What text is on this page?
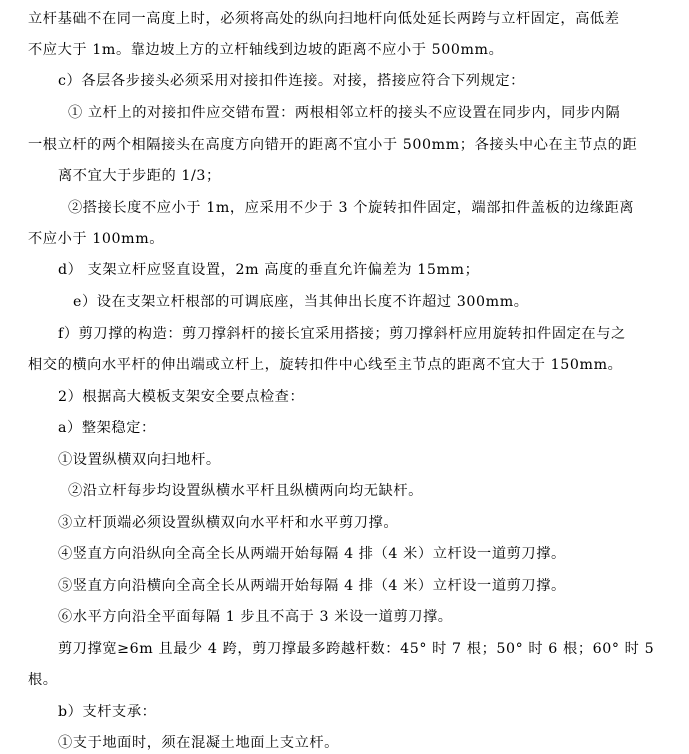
立杆基础不在同一高度上时，必须将高处的纵向扫地杆向低处延长两跨与立杆固定，高低差
不应大于 1m。靠边坡上方的立杆轴线到边坡的距离不应小于 500mm。
c）各层各步接头必须采用对接扣件连接。对接，搭接应符合下列规定：
① 立杆上的对接扣件应交错布置：两根相邻立杆的接头不应设置在同步内，同步内隔
一根立杆的两个相隔接头在高度方向错开的距离不宜小于 500mm；各接头中心在主节点的距
离不宜大于步距的 1/3；
②搭接长度不应小于 1m，应采用不少于 3 个旋转扣件固定，端部扣件盖板的边缘距离
不应小于 100mm。
d） 支架立杆应竖直设置，2m 高度的垂直允许偏差为 15mm；
e）设在支架立杆根部的可调底座，当其伸出长度不许超过 300mm。
f）剪刀撑的构造：剪刀撑斜杆的接长宜采用搭接；剪刀撑斜杆应用旋转扣件固定在与之
相交的横向水平杆的伸出端或立杆上，旋转扣件中心线至主节点的距离不宜大于 150mm。
2）根据高大模板支架安全要点检查：
a）整架稳定：
①设置纵横双向扫地杆。
②沿立杆每步均设置纵横水平杆且纵横两向均无缺杆。
③立杆顶端必须设置纵横双向水平杆和水平剪刀撑。
④竖直方向沿纵向全高全长从两端开始每隔 4 排（4 米）立杆设一道剪刀撑。
⑤竖直方向沿横向全高全长从两端开始每隔 4 排（4 米）立杆设一道剪刀撑。
⑥水平方向沿全平面每隔 1 步且不高于 3 米设一道剪刀撑。
剪刀撑宽≥6m 且最少 4 跨，剪刀撑最多跨越杆数：45° 时 7 根；50° 时 6 根；60° 时 5
根。
b）支杆支承：
①支于地面时，须在混凝土地面上支立杆。
